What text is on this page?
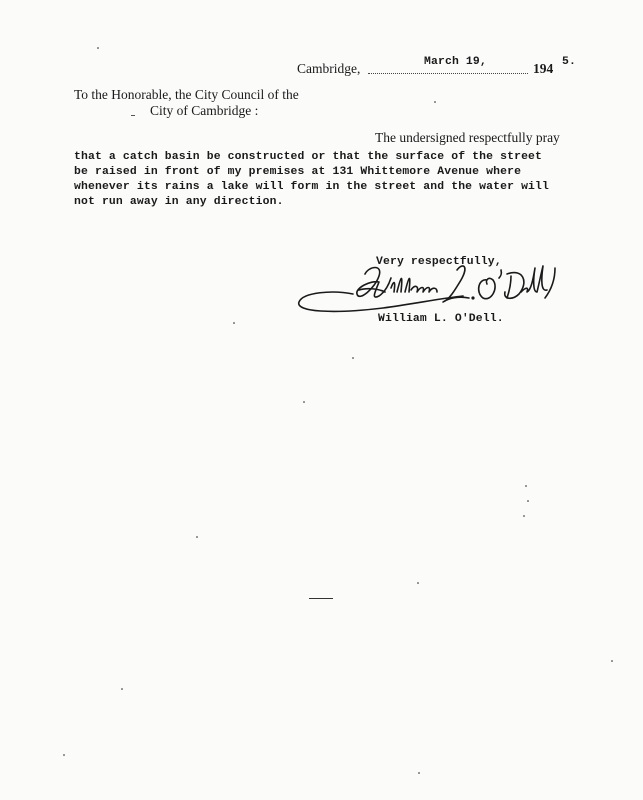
Cambridge,	March 19,	194 5.
To the Honorable, the City Council of the
City of Cambridge :
The undersigned respectfully pray
that a catch basin be constructed or that the surface of the street
be raised in front of my premises at 131 Whittemore Avenue where
whenever its rains a lake will form in the street and the water will
not run away in any direction.
Very respectfully,
William L. O'Dell.
